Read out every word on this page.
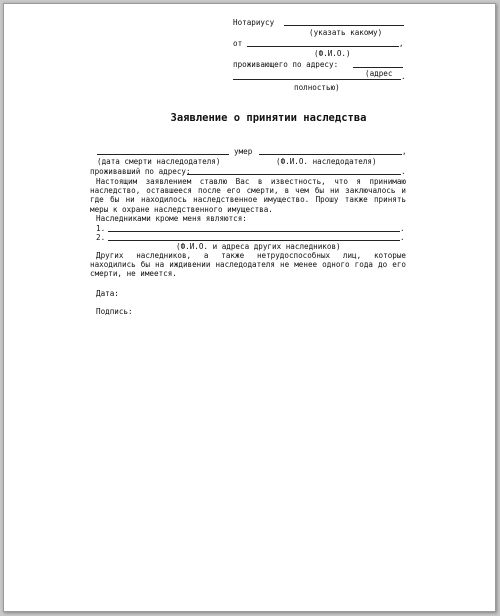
Нотариусу
(указать какому)
от	,
(Ф.И.О.)
проживающего по адресу:
(адрес .
полностью)
Заявление о принятии наследства
умер	,
(дата смерти наследодателя)	(Ф.И.О. наследодателя)
проживавший по адресу:	.
Настоящим заявлением ставлю Вас в известность, что я принимаю наследство, оставшееся после его смерти, в чем бы ни заключалось и где бы ни находилось наследственное имущество. Прошу также принять меры к охране наследственного имущества.
Наследниками кроме меня являются:
1.	.
2.	.
(Ф.И.О. и адреса других наследников)
Других наследников, а также нетрудоспособных лиц, которые находились бы на иждивении наследодателя не менее одного года до его смерти, не имеется.
Дата:
Подпись:
